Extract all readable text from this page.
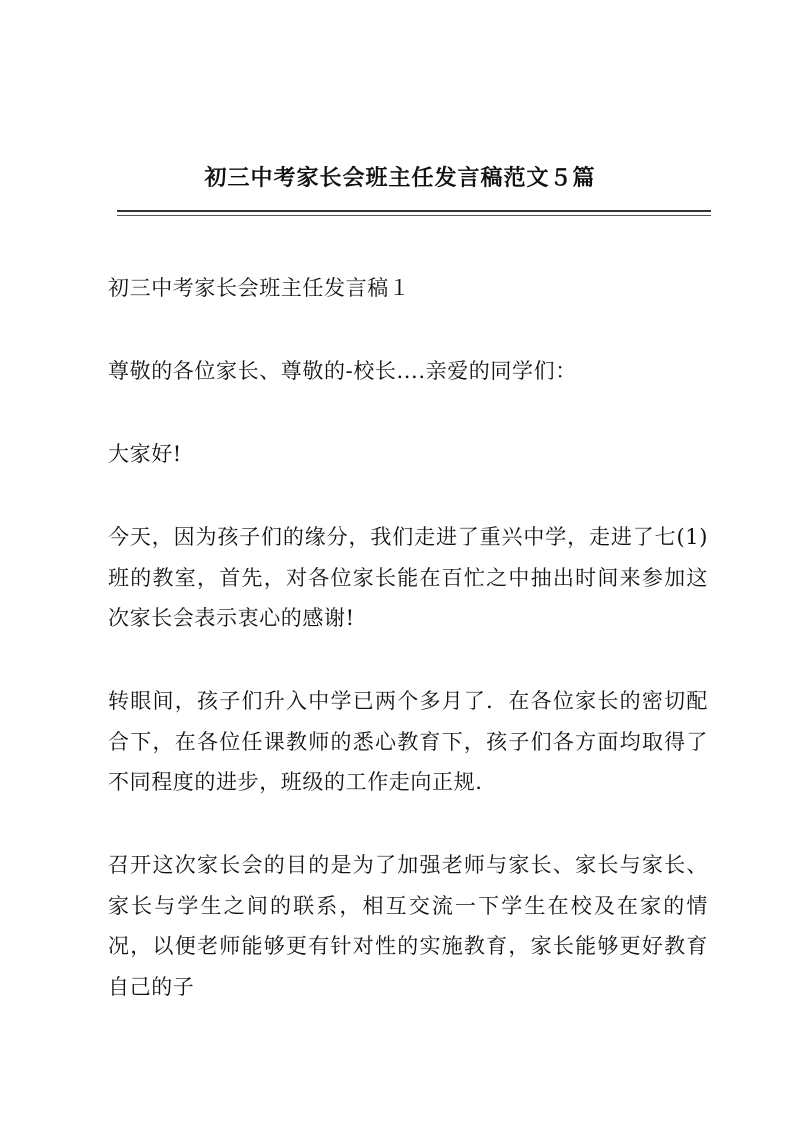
初三中考家长会班主任发言稿范文５篇

初三中考家长会班主任发言稿１

尊敬的各位家长、尊敬的-校长....亲爱的同学们：

大家好!

今天，因为孩子们的缘分，我们走进了重兴中学，走进了七(1)班的教室，首先，对各位家长能在百忙之中抽出时间来参加这次家长会表示衷心的感谢!

转眼间，孩子们升入中学已两个多月了．在各位家长的密切配合下，在各位任课教师的悉心教育下，孩子们各方面均取得了不同程度的进步，班级的工作走向正规.

召开这次家长会的目的是为了加强老师与家长、家长与家长、家长与学生之间的联系，相互交流一下学生在校及在家的情况，以便老师能够更有针对性的实施教育，家长能够更好教育自己的子
